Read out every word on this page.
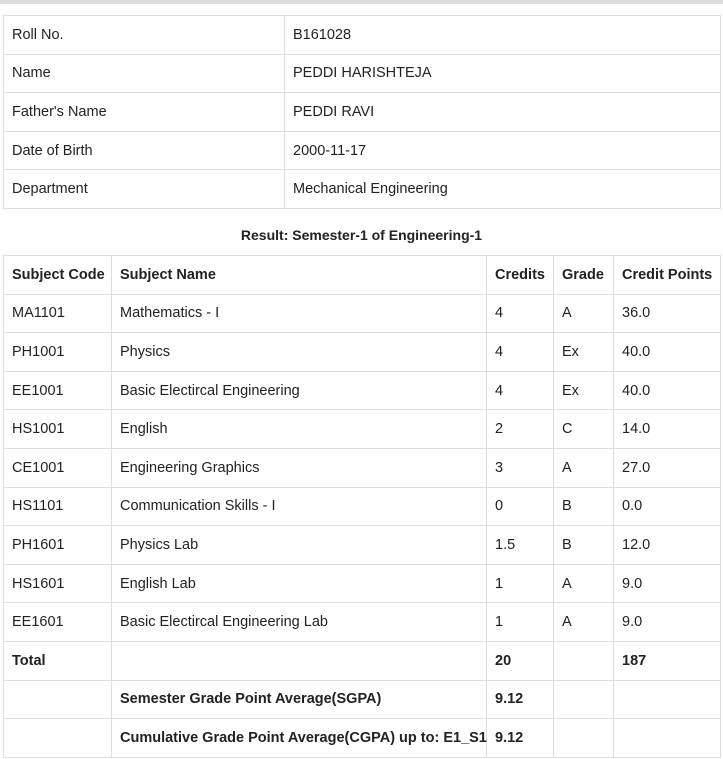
Roll No.	B161028
Name	PEDDI HARISHTEJA
Father's Name	PEDDI RAVI
Date of Birth	2000-11-17
Department	Mechanical Engineering
Result: Semester-1 of Engineering-1
Subject Code	Subject Name	Credits	Grade	Credit Points
MA1101	Mathematics - I	4	A	36.0
PH1001	Physics	4	Ex	40.0
EE1001	Basic Electircal Engineering	4	Ex	40.0
HS1001	English	2	C	14.0
CE1001	Engineering Graphics	3	A	27.0
HS1101	Communication Skills - I	0	B	0.0
PH1601	Physics Lab	1.5	B	12.0
HS1601	English Lab	1	A	9.0
EE1601	Basic Electircal Engineering Lab	1	A	9.0
Total		20		187
	Semester Grade Point Average(SGPA)	9.12		
	Cumulative Grade Point Average(CGPA) up to: E1_S1	9.12		
